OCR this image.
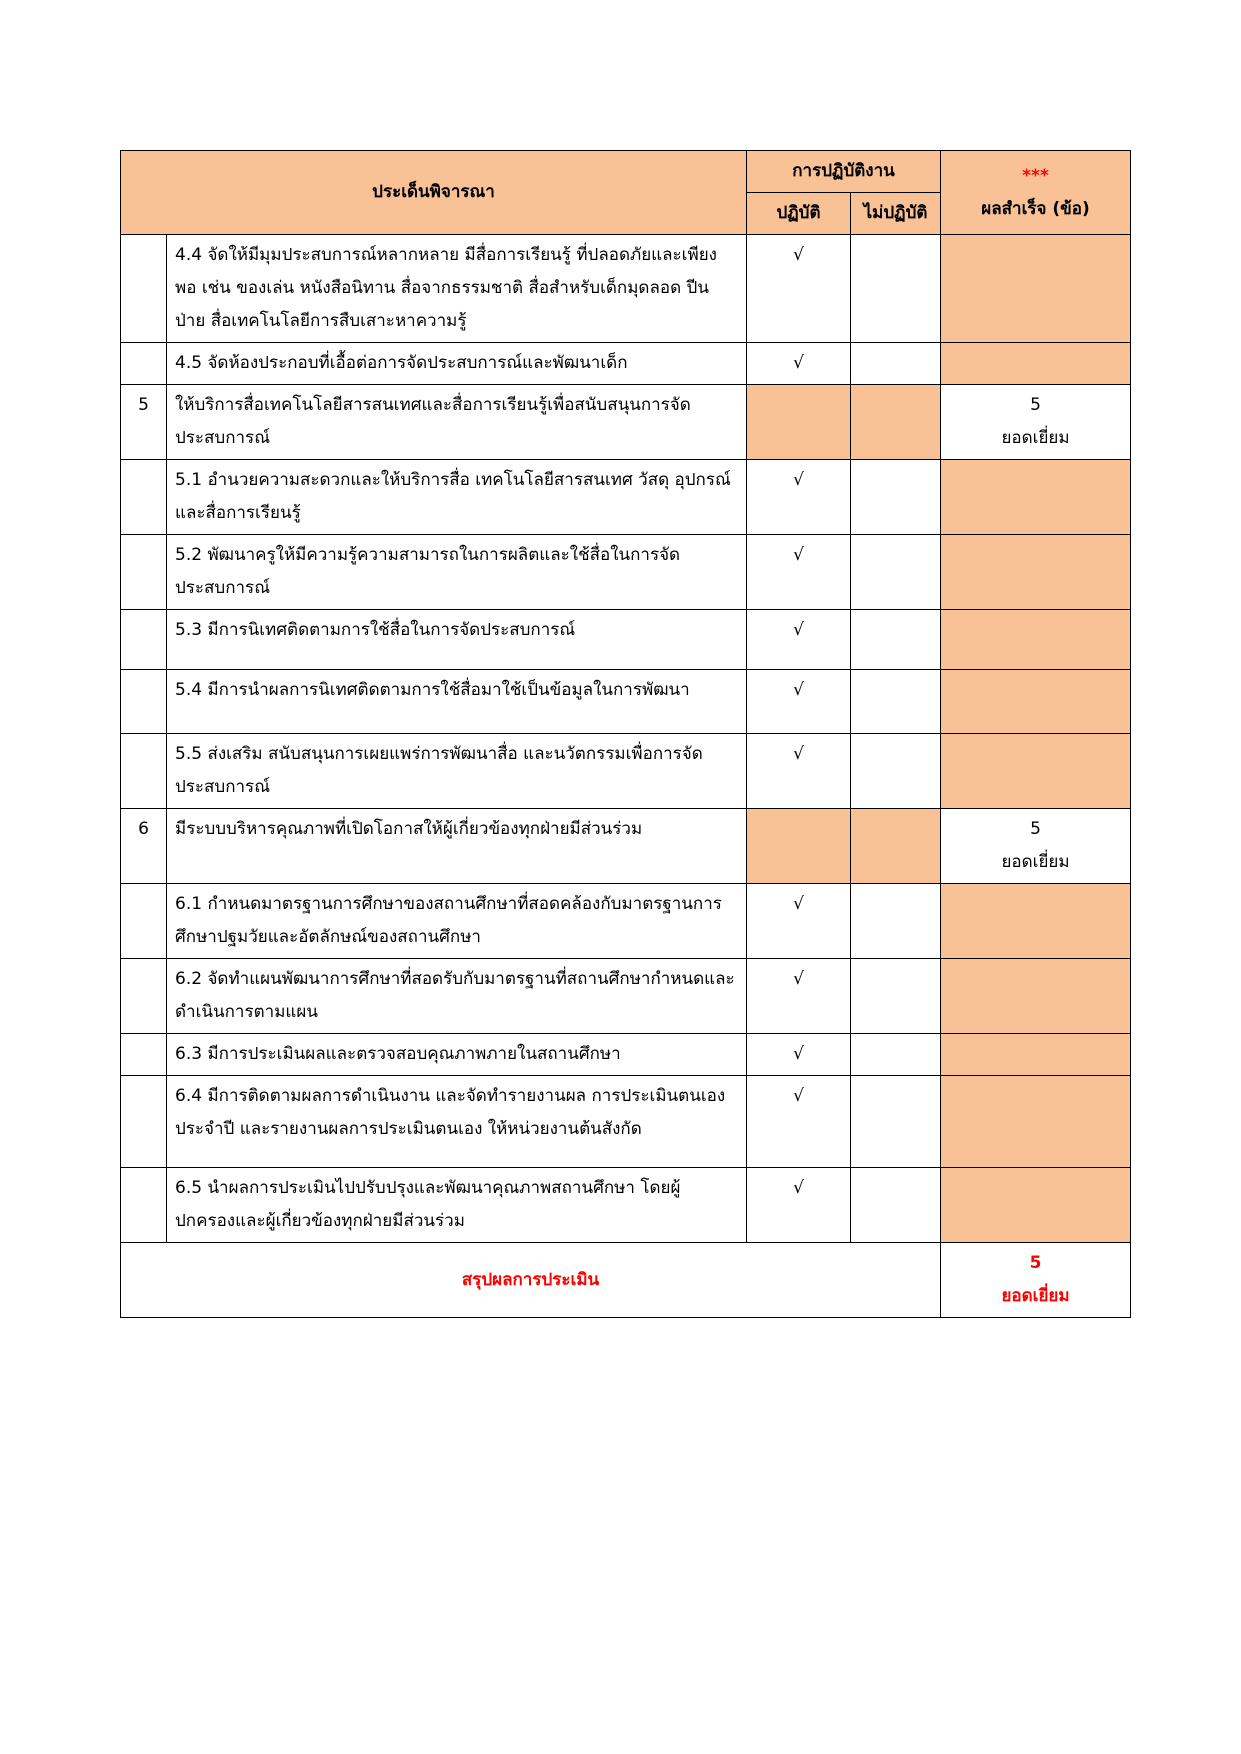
ประเด็นพิจารณา		การปฏิบัติงาน		***
ผลสำเร็จ (ข้อ)

		ปฏิบัติ	ไม่ปฏิบัติ	
	4.4 จัดให้มีมุมประสบการณ์หลากหลาย มีสื่อการเรียนรู้ ที่ปลอดภัยและเพียงพอ เช่น ของเล่น หนังสือนิทาน สื่อจากธรรมชาติ สื่อสำหรับเด็กมุดลอด ปีนป่าย สื่อเทคโนโลยีการสืบเสาะหาความรู้	√		
	4.5 จัดห้องประกอบที่เอื้อต่อการจัดประสบการณ์และพัฒนาเด็ก	√		
5	ให้บริการสื่อเทคโนโลยีสารสนเทศและสื่อการเรียนรู้เพื่อสนับสนุนการจัดประสบการณ์			5
ยอดเยี่ยม

	5.1 อำนวยความสะดวกและให้บริการสื่อ เทคโนโลยีสารสนเทศ วัสดุ อุปกรณ์และสื่อการเรียนรู้	√		
	5.2 พัฒนาครูให้มีความรู้ความสามารถในการผลิตและใช้สื่อในการจัดประสบการณ์	√		
	5.3 มีการนิเทศติดตามการใช้สื่อในการจัดประสบการณ์	√		
	5.4 มีการนำผลการนิเทศติดตามการใช้สื่อมาใช้เป็นข้อมูลในการพัฒนา	√		
	5.5 ส่งเสริม สนับสนุนการเผยแพร่การพัฒนาสื่อ และนวัตกรรมเพื่อการจัดประสบการณ์	√		
6	มีระบบบริหารคุณภาพที่เปิดโอกาสให้ผู้เกี่ยวข้องทุกฝ่ายมีส่วนร่วม			5
ยอดเยี่ยม

	6.1 กำหนดมาตรฐานการศึกษาของสถานศึกษาที่สอดคล้องกับมาตรฐานการศึกษาปฐมวัยและอัตลักษณ์ของสถานศึกษา	√		
	6.2 จัดทำแผนพัฒนาการศึกษาที่สอดรับกับมาตรฐานที่สถานศึกษากำหนดและดำเนินการตามแผน	√		
	6.3 มีการประเมินผลและตรวจสอบคุณภาพภายในสถานศึกษา	√		
	6.4 มีการติดตามผลการดำเนินงาน และจัดทำรายงานผล การประเมินตนเองประจำปี และรายงานผลการประเมินตนเอง ให้หน่วยงานต้นสังกัด	√		
	6.5 นำผลการประเมินไปปรับปรุงและพัฒนาคุณภาพสถานศึกษา โดยผู้ปกครองและผู้เกี่ยวข้องทุกฝ่ายมีส่วนร่วม	√		
สรุปผลการประเมิน				5
ยอดเยี่ยม
